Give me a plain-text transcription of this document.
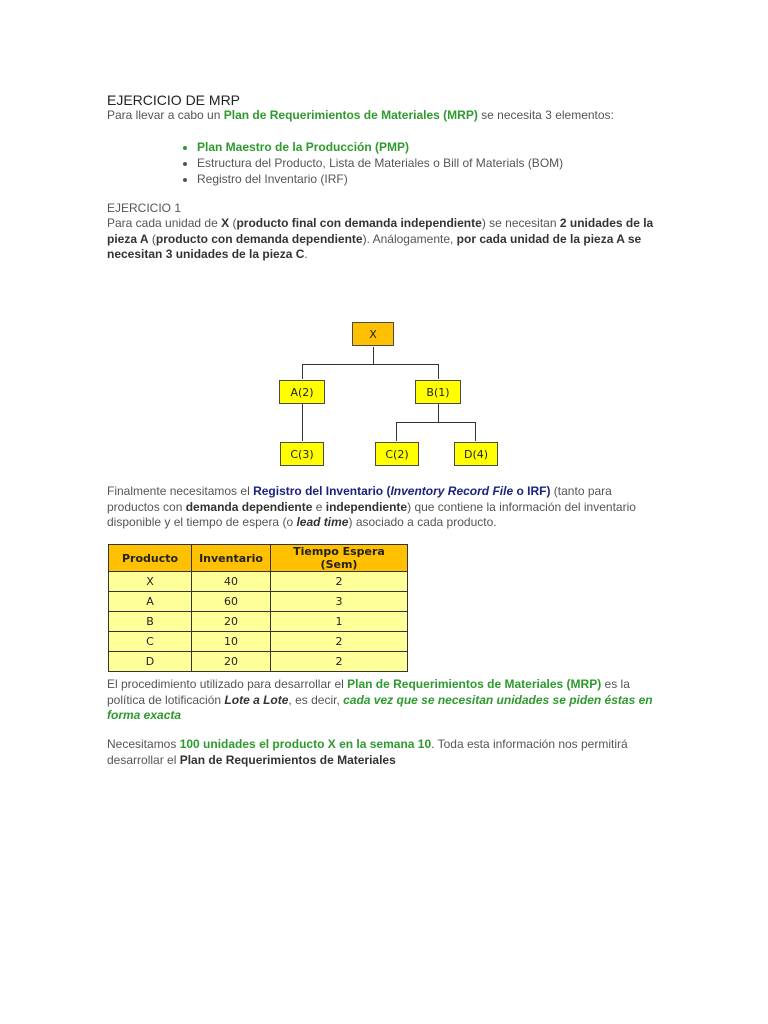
EJERCICIO DE MRP
Para llevar a cabo un Plan de Requerimientos de Materiales (MRP) se necesita 3 elementos:
• Plan Maestro de la Producción (PMP)
• Estructura del Producto, Lista de Materiales o Bill of Materials (BOM)
• Registro del Inventario (IRF)
EJERCICIO 1
Para cada unidad de X (producto final con demanda independiente) se necesitan 2 unidades de la pieza A (producto con demanda dependiente). Análogamente, por cada unidad de la pieza A se necesitan 3 unidades de la pieza C.
X
A(2)	B(1)
C(3)	C(2)	D(4)
Finalmente necesitamos el Registro del Inventario (Inventory Record File o IRF) (tanto para productos con demanda dependiente e independiente) que contiene la información del inventario disponible y el tiempo de espera (o lead time) asociado a cada producto.
Producto	Inventario	Tiempo Espera (Sem)
X	40	2
A	60	3
B	20	1
C	10	2
D	20	2
El procedimiento utilizado para desarrollar el Plan de Requerimientos de Materiales (MRP) es la política de lotificación Lote a Lote, es decir, cada vez que se necesitan unidades se piden éstas en forma exacta
Necesitamos 100 unidades el producto X en la semana 10. Toda esta información nos permitirá desarrollar el Plan de Requerimientos de Materiales
